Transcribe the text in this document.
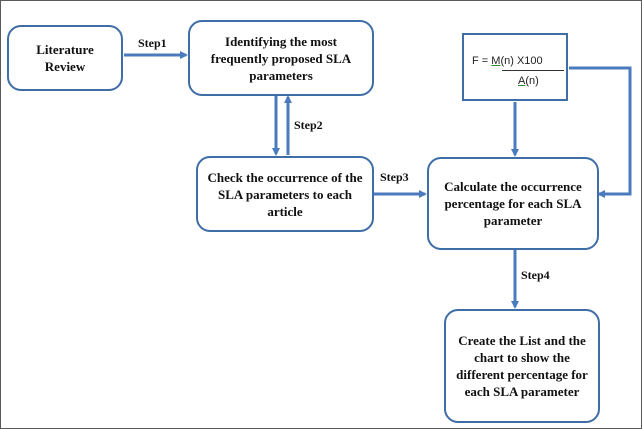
Literature Review
Identifying the most frequently proposed SLA parameters
Check the occurrence of the SLA parameters to each article
Calculate the occurrence percentage for each SLA parameter
Create the List and the chart to show the different percentage for each SLA parameter
F = M(n) X100
A(n)
Step1
Step2
Step3
Step4
